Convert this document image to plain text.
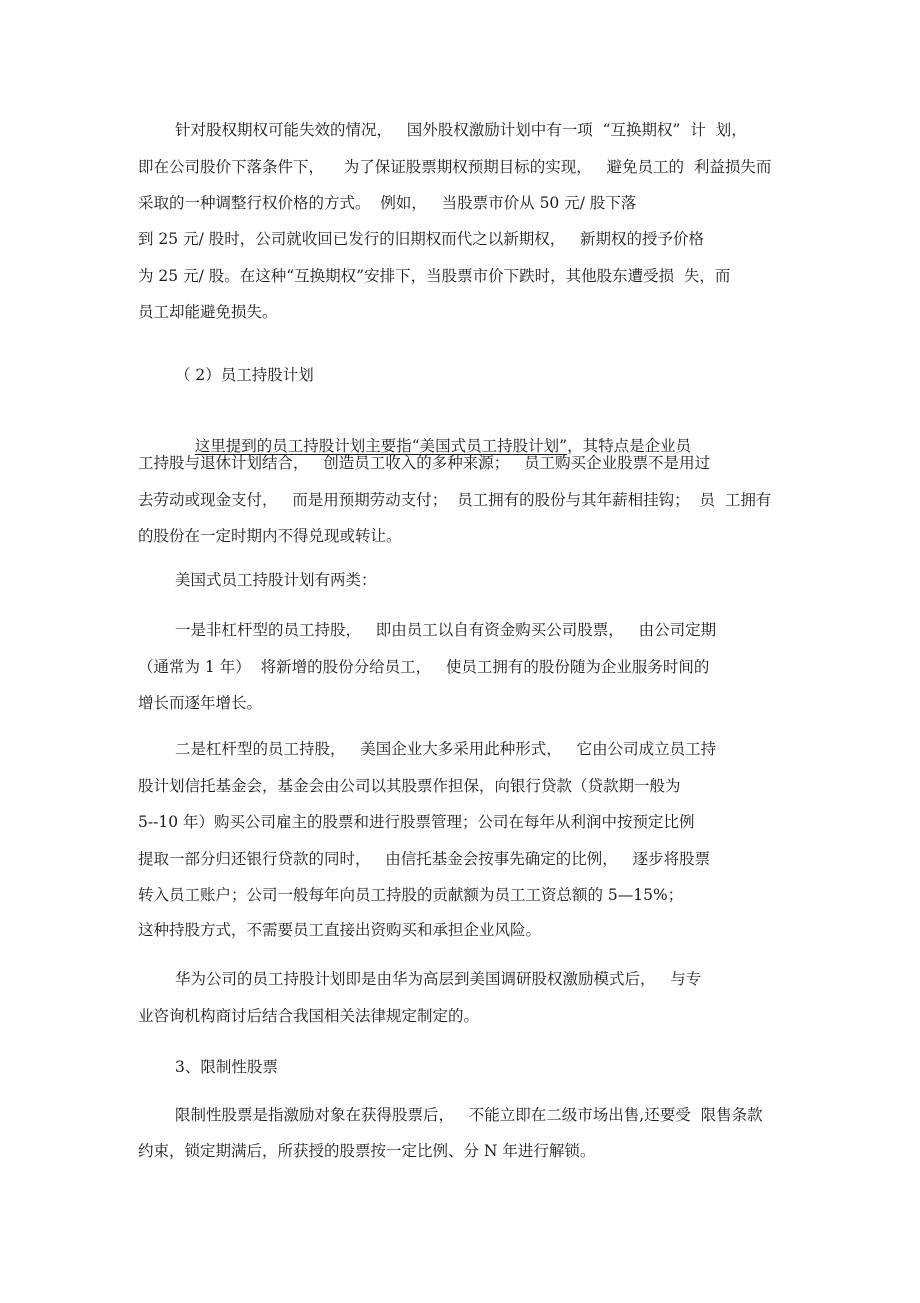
针对股权期权可能失效的情况，   国外股权激励计划中有一项  “互换期权”  计  划，
即在公司股价下落条件下，    为了保证股票期权预期目标的实现，   避免员工的  利益损失而
采取的一种调整行权价格的方式。  例如，   当股票市价从 50 元/ 股下落
到 25 元/ 股时，公司就收回已发行的旧期权而代之以新期权，   新期权的授予价格
为 25 元/ 股。在这种“互换期权”安排下，当股票市价下跌时，其他股东遭受损  失，而
员工却能避免损失。
（ 2）员工持股计划

这里提到的员工持股计划主要指“美国式员工持股计划”，其特点是企业员

工持股与退休计划结合，   创造员工收入的多种来源；   员工购买企业股票不是用过
去劳动或现金支付，   而是用预期劳动支付；  员工拥有的股份与其年薪相挂钩；  员  工拥有
的股份在一定时期内不得兑现或转让。
美国式员工持股计划有两类：
一是非杠杆型的员工持股，   即由员工以自有资金购买公司股票，   由公司定期
（通常为 1 年）  将新增的股份分给员工，   使员工拥有的股份随为企业服务时间的
增长而逐年增长。
二是杠杆型的员工持股，   美国企业大多采用此种形式，   它由公司成立员工持
股计划信托基金会，基金会由公司以其股票作担保，向银行贷款（贷款期一般为
5--10 年）购买公司雇主的股票和进行股票管理；公司在每年从利润中按预定比例
提取一部分归还银行贷款的同时，   由信托基金会按事先确定的比例，   逐步将股票
转入员工账户；公司一般每年向员工持股的贡献额为员工工资总额的 5—15%；
这种持股方式，不需要员工直接出资购买和承担企业风险。
华为公司的员工持股计划即是由华为高层到美国调研股权激励模式后，   与专
业咨询机构商讨后结合我国相关法律规定制定的。
3、限制性股票
限制性股票是指激励对象在获得股票后，   不能立即在二级市场出售,还要受  限售条款
约束，锁定期满后，所获授的股票按一定比例、分 N 年进行解锁。
